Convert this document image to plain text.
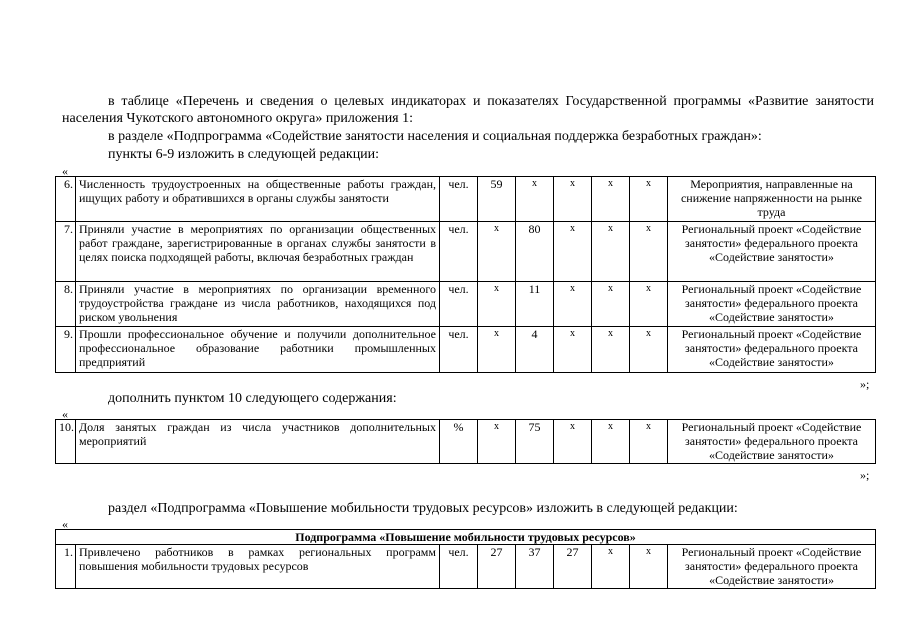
в таблице «Перечень и сведения о целевых индикаторах и показателях Государственной программы «Развитие занятости населения Чукотского автономного округа» приложения 1:
в разделе «Подпрограмма «Содействие занятости населения и социальная поддержка безработных граждан»:
пункты 6-9 изложить в следующей редакции:
«
6.	Численность трудоустроенных на общественные работы граждан, ищущих работу и обратившихся в органы службы занятости	чел.	59	x	x	x	x	Мероприятия, направленные на снижение напряженности на рынке труда
7.	Приняли участие в мероприятиях по организации общественных работ граждане, зарегистрированные в органах службы занятости в целях поиска подходящей работы, включая безработных граждан	чел.	x	80	x	x	x	Региональный проект «Содействие занятости» федерального проекта «Содействие занятости»
8.	Приняли участие в мероприятиях по организации временного трудоустройства граждане из числа работников, находящихся под риском увольнения	чел.	x	11	x	x	x	Региональный проект «Содействие занятости» федерального проекта «Содействие занятости»
9.	Прошли профессиональное обучение и получили дополнительное профессиональное образование работники промышленных предприятий	чел.	x	4	x	x	x	Региональный проект «Содействие занятости» федерального проекта «Содействие занятости»
»;
дополнить пунктом 10 следующего содержания:
«
10.	Доля занятых граждан из числа участников дополнительных мероприятий	%	x	75	x	x	x	Региональный проект «Содействие занятости» федерального проекта «Содействие занятости»
»;
раздел «Подпрограмма «Повышение мобильности трудовых ресурсов» изложить в следующей редакции:
«
Подпрограмма «Повышение мобильности трудовых ресурсов»
1.	Привлечено работников в рамках региональных программ повышения мобильности трудовых ресурсов	чел.	27	37	27	x	x	Региональный проект «Содействие занятости» федерального проекта «Содействие занятости»
